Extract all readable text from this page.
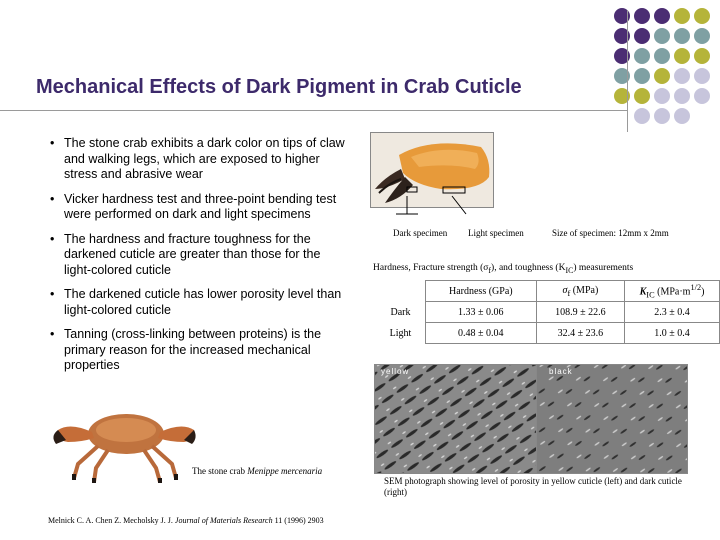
Mechanical Effects of Dark Pigment in Crab Cuticle
• The stone crab exhibits a dark color on tips of claw and walking legs, which are exposed to higher stress and abrasive wear
• Vicker hardness test and three-point bending test were performed on dark and light specimens
• The hardness and fracture toughness for the darkened cuticle are greater than those for the light-colored cuticle
• The darkened cuticle has lower porosity level than light-colored cuticle
• Tanning (cross-linking between proteins) is the primary reason for the increased mechanical properties
Dark specimen Light specimen	Size of specimen: 12mm x 2mm
Hardness, Fracture strength $(\sigma_f)$, and toughness $(K_{IC})$ measurements
	Hardness (GPa)	$\sigma_f$ (MPa)	$K_{IC}$ $(MPa\cdot m^{1/2})$
Dark	1.33 ± 0.06	108.9 ± 22.6	2.3 ± 0.4
Light	0.48 ± 0.04	32.4 ± 23.6	1.0 ± 0.4
yellow	black
SEM photograph showing level of porosity in yellow cuticle (left) and dark cuticle (right)
The stone crab Menippe mercenaria
Melnick C. A. Chen Z. Mecholsky J. J. Journal of Materials Research 11 (1996) 2903
